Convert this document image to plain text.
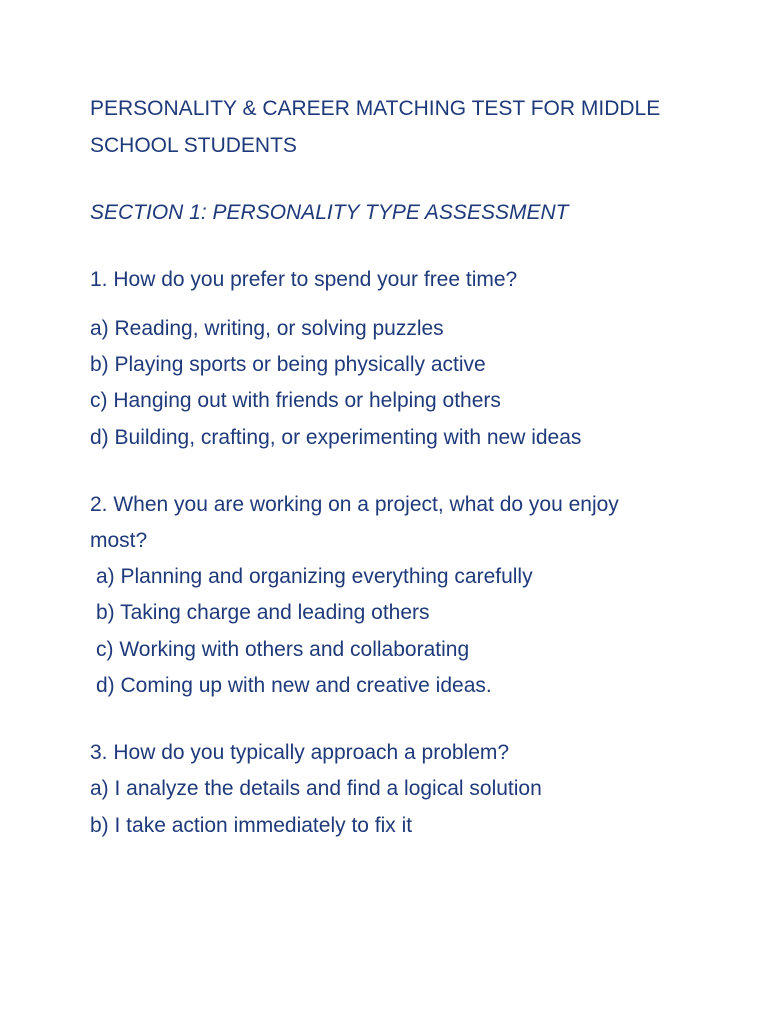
PERSONALITY & CAREER MATCHING TEST FOR MIDDLE
SCHOOL STUDENTS
SECTION 1: PERSONALITY TYPE ASSESSMENT
1. How do you prefer to spend your free time?
a) Reading, writing, or solving puzzles
b) Playing sports or being physically active
c) Hanging out with friends or helping others
d) Building, crafting, or experimenting with new ideas
2. When you are working on a project, what do you enjoy
most?
a) Planning and organizing everything carefully
b) Taking charge and leading others
c) Working with others and collaborating
d) Coming up with new and creative ideas.
3. How do you typically approach a problem?
a) I analyze the details and find a logical solution
b) I take action immediately to fix it
